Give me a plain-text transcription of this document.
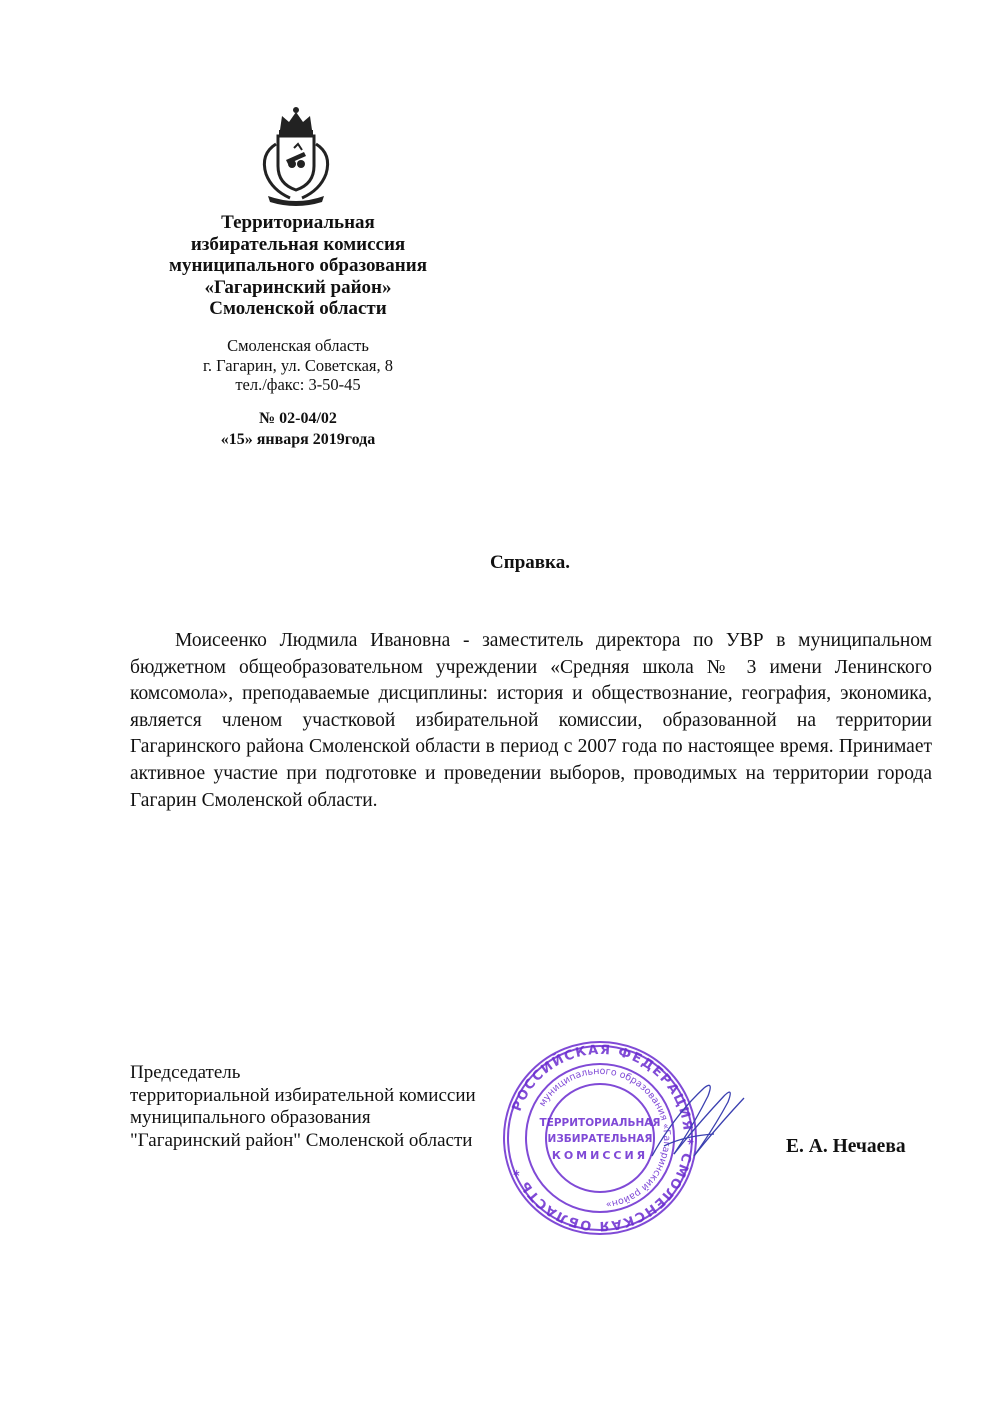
Территориальная
избирательная комиссия
муниципального образования
«Гагаринский район»
Смоленской области
Смоленская область
г. Гагарин, ул. Советская, 8
тел./факс: 3-50-45
№ 02-04/02
«15» января 2019года
Справка.
Моисеенко Людмила Ивановна - заместитель директора по УВР в муниципальном бюджетном общеобразовательном учреждении «Средняя школа № 3 имени Ленинского комсомола», преподаваемые дисциплины: история и обществознание, география, экономика, является членом участковой избирательной комиссии, образованной на территории Гагаринского района Смоленской области в период с 2007 года по настоящее время. Принимает активное участие при подготовке и проведении выборов, проводимых на территории города Гагарин Смоленской области.
Председатель
территориальной избирательной комиссии
муниципального образования
"Гагаринский район" Смоленской области	Е. А. Нечаева
РОССИЙСКАЯ ФЕДЕРАЦИЯ * СМОЛЕНСКАЯ ОБЛАСТЬ *
муниципального образования «Гагаринский район»
ТЕРРИТОРИАЛЬНАЯ
ИЗБИРАТЕЛЬНАЯ
КОМИССИЯ
